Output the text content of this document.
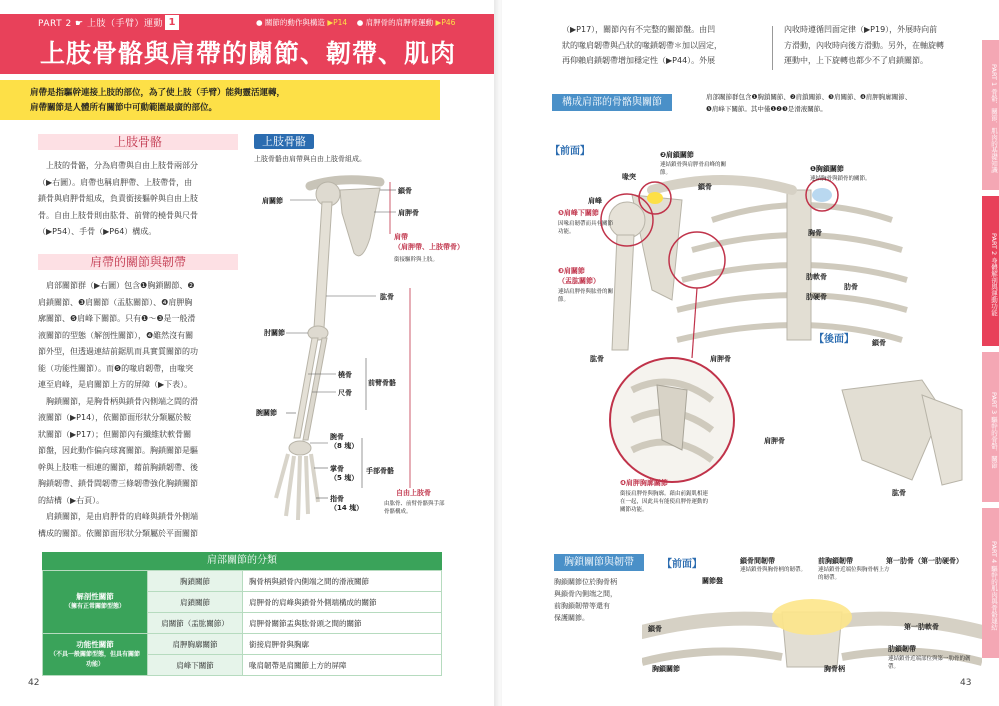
PART 2 ☛ 上肢（手臂）運動 1	● 關節的動作與構造 ▶P14 ● 肩胛骨的肩胛骨運動 ▶P46
上肢骨骼與肩帶的關節、韌帶、肌肉
肩帶是指驅幹連接上肢的部位，為了使上肢（手臂）能夠靈活運轉，
肩帶關節是人體所有關節中可動範圍最廣的部位。
上肢骨骼
上肢的骨骼，分為肩帶與自由上肢骨兩部分
（▶右圖）。肩帶也稱肩胛帶、上肢帶骨，由
鎖骨與肩胛骨組成，負責銜接軀幹與自由上肢
骨。自由上肢骨則由肱骨、前臂的橈骨與尺骨
（▶P54）、手骨（▶P64）構成。
肩帶的關節與韌帶
肩部關節群（▶右圖）包含❶胸鎖關節、❷
肩鎖關節、❸肩關節（盂肱關節）、❹肩胛胸
廓關節、❺肩峰下關節。只有❶～❸是一般滑
液關節的型態（解剖性關節），❹雖然沒有關
節外型，但透過連結前鋸肌而具實質關節的功
能（功能性關節）。而❺的喙肩韌帶，由喙突
連至肩峰，是肩關節上方的屏障（▶下表）。
胸鎖關節，是胸骨柄與鎖骨內側端之間的滑
液關節（▶P14），依關節面形狀分類屬於鞍
狀關節（▶P17）；但關節內有纖維狀軟骨關
節盤，因此動作偏向球窩關節。胸鎖關節是驅
幹與上肢唯一相連的關節，藉前胸鎖韌帶、後
胸鎖韌帶、鎖骨間韌帶三條韌帶強化胸鎖關節
的結構（▶右頁）。
肩鎖關節，是由肩胛骨的肩峰與鎖骨外側端
構成的關節。依關節面形狀分類屬於平面關節
上肢骨骼
上肢骨骼由肩帶與自由上肢骨組成。
肩關節
鎖骨
肩胛骨
肩帶
（肩胛帶、上肢帶骨）
銜接驅幹與上肢。
肱骨
肘關節
橈骨
尺骨
前臂骨骼
腕關節
腕骨
（8 塊）
掌骨
（5 塊）
手部骨骼
指骨
（14 塊）
自由上肢骨
由肱骨、前臂骨骼與手部骨骼構成。
肩部關節的分類
解剖性關節
（擁有正常關節型態）	胸鎖關節	胸骨柄與鎖骨內側端之間的滑液關節
	肩鎖關節	肩胛骨的肩峰與鎖骨外側端構成的關節
	肩關節（盂肱關節）	肩胛骨關節盂與肱骨頭之間的關節

功能性關節
（不具一般關節型態，但具有關節功能）	肩胛胸廓關節	銜接肩胛骨與胸廓
	肩峰下關節	喙肩韌帶是肩關節上方的屏障
42
（▶P17），關節內有不完整的關節盤。由凹
狀的喙肩韌帶與凸狀的喙鎖韌帶＊加以固定，
再仰賴肩鎖韌帶增加穩定性（▶P44）。外展
內收時遵循凹面定律（▶P19），外展時向前
方滑動，內收時向後方滑動。另外，在軸旋轉
運動中，上下旋轉也都少不了肩鎖關節。
構成肩部的骨骼與關節	肩部關節群包含❶胸鎖關節、❷肩鎖關節、❸肩關節、❹肩胛胸廓關節、
❺肩峰下關節。其中僅❶❷❸是滑液關節。
【前面】	❷肩鎖關節
連結鎖骨與肩胛骨肩峰的關節。
喙突
鎖骨
肩峰
❺肩峰下關節
因喙肩韌帶而具有關節功能。
❶胸鎖關節
連結胸骨與鎖骨的關節。
胸骨
❸肩關節
（盂肱關節）
連結肩胛骨與肱骨的關節。
肋軟骨
肋硬骨
肋骨
肱骨	肩胛骨
❹肩胛胸廓關節
銜接肩胛骨與胸廓。藉由前鋸肌相連在一起，因此具有能使肩胛骨運動的關節功能。
【後面】	鎖骨
肩胛骨
肱骨
胸鎖關節與韌帶	【前面】
胸鎖關節位於胸骨柄
與鎖骨內側端之間，
前胸鎖韌帶等還有
保護關節。
關節盤
鎖骨間韌帶
連結鎖骨與胸骨柄的韌帶。
前胸鎖韌帶
連結鎖骨近端位與胸骨柄上方的韌帶。
第一肋骨（第一肋硬骨）
鎖骨	第一肋軟骨
肋鎖韌帶
連結鎖骨近端部位與第一肋骨的韌帶。
胸鎖關節	胸骨柄
PART 1 骨骼．關節．肌肉的基礎知識
PART 2 身體解剖與運動功能
PART 3 驅幹的骨骼．關節
PART 4 驅幹的肌肉與骨骼連結
43
